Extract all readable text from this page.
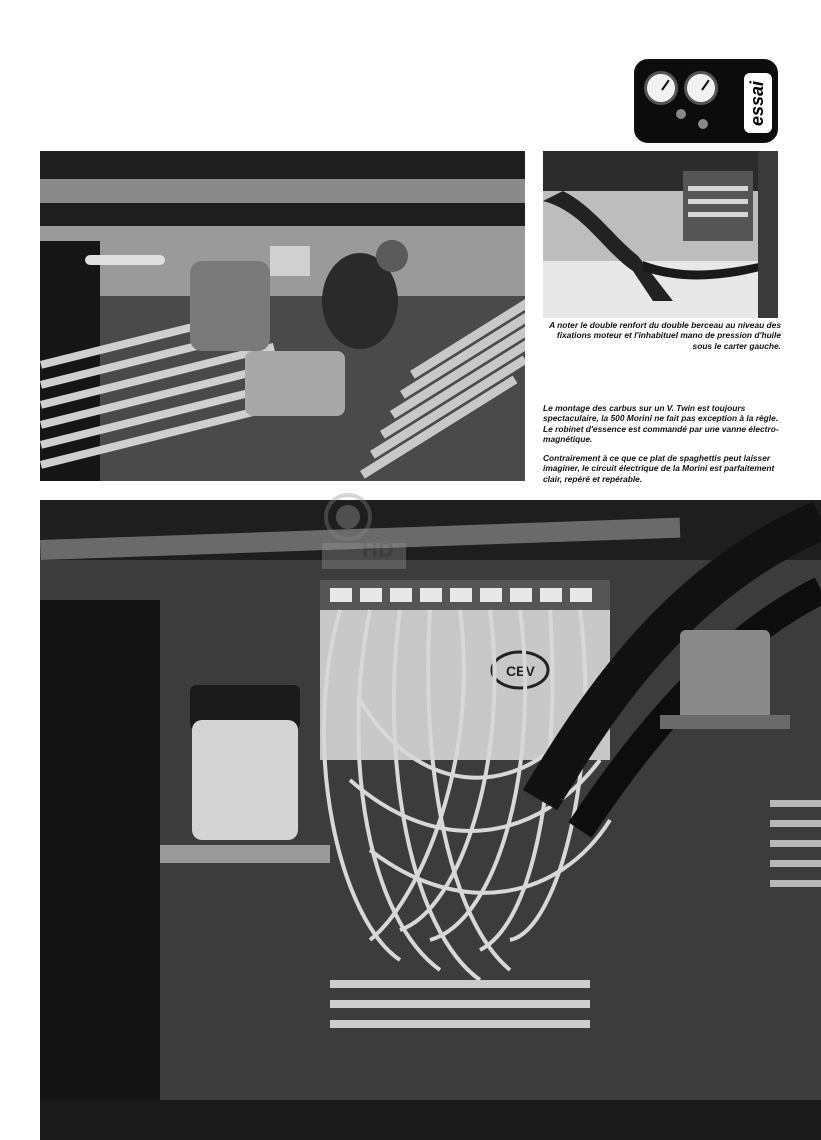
essai

A noter le double renfort du double berceau au niveau des fixations moteur et l'inhabituel mano de pression d'huile sous le carter gauche.

Le montage des carbus sur un V. Twin est toujours spectaculaire, la 500 Morini ne fait pas exception à la règle. Le robinet d'essence est commandé par une vanne électro-magnétique.

Contrairement à ce que ce plat de spaghettis peut laisser imaginer, le circuit électrique de la Morini est parfaitement clair, repéré et repérable.

CEV
HD
